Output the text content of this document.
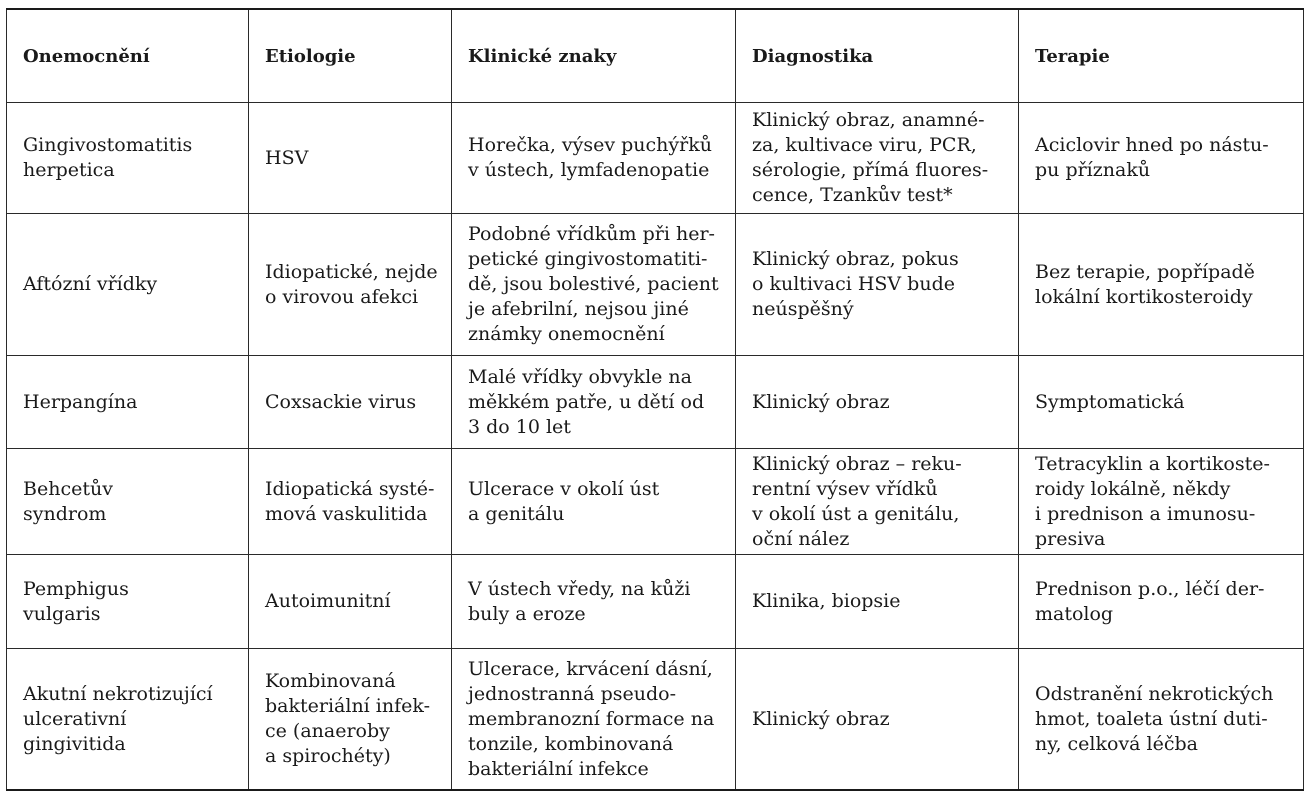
Onemocnění	Etiologie	Klinické znaky	Diagnostika	Terapie
Gingivostomatitis
herpetica	HSV	Horečka, výsev puchýřků
v ústech, lymfadenopatie	Klinický obraz, anamné-
za, kultivace viru, PCR,
sérologie, přímá fluores-
cence, Tzankův test*	Aciclovir hned po nástu-
pu příznaků
Aftózní vřídky	Idiopatické, nejde
o virovou afekci	Podobné vřídkům při her-
petické gingivostomatiti-
dě, jsou bolestivé, pacient
je afebrilní, nejsou jiné
známky onemocnění	Klinický obraz, pokus
o kultivaci HSV bude
neúspěšný	Bez terapie, popřípadě
lokální kortikosteroidy
Herpangína	Coxsackie virus	Malé vřídky obvykle na
měkkém patře, u dětí od
3 do 10 let	Klinický obraz	Symptomatická
Behcetův
syndrom	Idiopatická systé-
mová vaskulitida	Ulcerace v okolí úst
a genitálu	Klinický obraz – reku-
rentní výsev vřídků
v okolí úst a genitálu,
oční nález	Tetracyklin a kortikoste-
roidy lokálně, někdy
i prednison a imunosu-
presiva
Pemphigus
vulgaris	Autoimunitní	V ústech vředy, na kůži
buly a eroze	Klinika, biopsie	Prednison p.o., léčí der-
matolog
Akutní nekrotizující
ulcerativní
gingivitida	Kombinovaná
bakteriální infek-
ce (anaeroby
a spirochéty)	Ulcerace, krvácení dásní,
jednostranná pseudo-
membranozní formace na
tonzile, kombinovaná
bakteriální infekce	Klinický obraz	Odstranění nekrotických
hmot, toaleta ústní duti-
ny, celková léčba
